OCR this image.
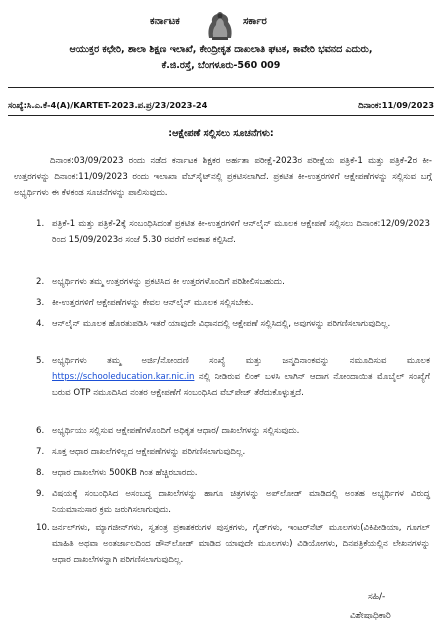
ಕರ್ನಾಟಕ	ಸರ್ಕಾರ
ಆಯುಕ್ತರ ಕಛೇರಿ, ಶಾಲಾ ಶಿಕ್ಷಣ ಇಲಾಖೆ, ಕೇಂದ್ರೀಕೃತ ದಾಖಲಾತಿ ಘಟಕ, ಕಾವೇರಿ ಭವನದ ಎದುರು,
ಕೆ.ಜಿ.ರಸ್ತೆ, ಬೆಂಗಳೂರು-560 009
ಸಂಖ್ಯೆ:ಸಿ.ಎ.ಕೆ-4(A)/KARTET-2023.ಪ.ಪ್ರ/23/2023-24	ದಿನಾಂಕ:11/09/2023
:ಆಕ್ಷೇಪಣೆ ಸಲ್ಲಿಸಲು ಸೂಚನೆಗಳು:

ದಿನಾಂಕ:03/09/2023 ರಂದು ನಡೆದ ಕರ್ನಾಟಕ ಶಿಕ್ಷಕರ ಅರ್ಹತಾ ಪರೀಕ್ಷೆ-2023ರ ಪರೀಕ್ಷೆಯ ಪತ್ರಿಕೆ-1 ಮತ್ತು ಪತ್ರಿಕೆ-2ರ ಕೀ-ಉತ್ತರಗಳನ್ನು ದಿನಾಂಕ:11/09/2023 ರಂದು ಇಲಾಖಾ ವೆಬ್‌ಸೈಟ್‌ನಲ್ಲಿ ಪ್ರಕಟಿಸಲಾಗಿದೆ. ಪ್ರಕಟಿತ ಕೀ-ಉತ್ತರಗಳಿಗೆ ಆಕ್ಷೇಪಣೆಗಳನ್ನು ಸಲ್ಲಿಸುವ ಬಗ್ಗೆ ಅಭ್ಯರ್ಥಿಗಳು ಈ ಕೆಳಕಂಡ ಸೂಚನೆಗಳನ್ನು ಪಾಲಿಸುವುದು.

1. ಪತ್ರಿಕೆ-1 ಮತ್ತು ಪತ್ರಿಕೆ-2ಕ್ಕೆ ಸಂಬಂಧಿಸಿದಂತೆ ಪ್ರಕಟಿತ ಕೀ-ಉತ್ತರಗಳಿಗೆ ಆನ್‌ಲೈನ್ ಮೂಲಕ ಆಕ್ಷೇಪಣೆ ಸಲ್ಲಿಸಲು ದಿನಾಂಕ:12/09/2023 ರಿಂದ 15/09/2023ರ ಸಂಜೆ 5.30 ರವರೆಗೆ ಅವಕಾಶ ಕಲ್ಪಿಸಿದೆ.
2. ಅಭ್ಯರ್ಥಿಗಳು ತಮ್ಮ ಉತ್ತರಗಳನ್ನು ಪ್ರಕಟಿಸಿದ ಕೀ ಉತ್ತರಗಳೊಂದಿಗೆ ಪರಿಶೀಲಿಸಬಹುದು.
3. ಕೀ-ಉತ್ತರಗಳಿಗೆ ಆಕ್ಷೇಪಣೆಗಳನ್ನು ಕೇವಲ ಆನ್‌ಲೈನ್ ಮೂಲಕ ಸಲ್ಲಿಸಬೇಕು.
4. ಆನ್‌ಲೈನ್ ಮೂಲಕ ಹೊರತುಪಡಿಸಿ ಇತರೆ ಯಾವುದೇ ವಿಧಾನದಲ್ಲಿ ಆಕ್ಷೇಪಣೆ ಸಲ್ಲಿಸಿದಲ್ಲಿ, ಅವುಗಳನ್ನು ಪರಿಗಣಿಸಲಾಗುವುದಿಲ್ಲ.
5. ಅಭ್ಯರ್ಥಿಗಳು ತಮ್ಮ ಅರ್ಜಿ/ನೋಂದಣಿ ಸಂಖ್ಯೆ ಮತ್ತು ಜನ್ಮದಿನಾಂಕವನ್ನು ನಮೂದಿಸುವ ಮೂಲಕ https://schooleducation.kar.nic.in ನಲ್ಲಿ ನೀಡಿರುವ ಲಿಂಕ್ ಬಳಸಿ ಲಾಗಿನ್ ಆದಾಗ ನೋಂದಾಯಿತ ಮೊಬೈಲ್ ಸಂಖ್ಯೆಗೆ ಬರುವ OTP ನಮೂದಿಸಿದ ನಂತರ ಆಕ್ಷೇಪಣೆಗೆ ಸಂಬಂಧಿಸಿದ ವೆಬ್‌ಪೇಜ್ ತೆರೆದುಕೊಳ್ಳುತ್ತದೆ.
6. ಅಭ್ಯರ್ಥಿಯು ಸಲ್ಲಿಸುವ ಆಕ್ಷೇಪಣೆಗಳೊಂದಿಗೆ ಅಧಿಕೃತ ಆಧಾರ/ ದಾಖಲೆಗಳನ್ನು ಸಲ್ಲಿಸುವುದು.
7. ಸೂಕ್ತ ಆಧಾರ ದಾಖಲೆಗಳಿಲ್ಲದ ಆಕ್ಷೇಪಣೆಗಳನ್ನು ಪರಿಗಣಿಸಲಾಗುವುದಿಲ್ಲ.
8. ಆಧಾರ ದಾಖಲೆಗಳು 500KB ಗಿಂತ ಹೆಚ್ಚಿರಬಾರದು.
9. ವಿಷಯಕ್ಕೆ ಸಂಬಂಧಿಸಿದ ಅಸಂಬದ್ಧ ದಾಖಲೆಗಳನ್ನು ಹಾಗೂ ಚಿತ್ರಗಳನ್ನು ಅಪ್‌ಲೋಡ್ ಮಾಡಿದಲ್ಲಿ ಅಂತಹ ಅಭ್ಯರ್ಥಿಗಳ ವಿರುದ್ಧ ನಿಯಮಾನುಸಾರ ಕ್ರಮ ಜರುಗಿಸಲಾಗುವುದು.
10. ಜರ್ನಲ್‌ಗಳು, ಮ್ಯಾಗಜೀನ್‌ಗಳು, ಸ್ವತಂತ್ರ ಪ್ರಕಾಶಕರುಗಳ ಪುಸ್ತಕಗಳು, ಗೈಡ್‌ಗಳು, ಇಂಟರ್‌ನೆಟ್ ಮೂಲಗಳು(ವಿಕಿಪೀಡಿಯಾ, ಗೂಗಲ್ ಮಾಹಿತಿ ಅಥವಾ ಅಂತರ್ಜಾಲದಿಂದ ಡೌನ್‌ಲೋಡ್ ಮಾಡಿದ ಯಾವುದೇ ಮೂಲಗಳು) ವಿಡಿಯೋಗಳು, ದಿನಪತ್ರಿಕೆಯಲ್ಲಿನ ಲೇಖನಗಳನ್ನು ಆಧಾರ ದಾಖಲೆಗಳನ್ನಾಗಿ ಪರಿಗಣಿಸಲಾಗುವುದಿಲ್ಲ.
ಸಹಿ/-
ವಿಶೇಷಾಧಿಕಾರಿ
